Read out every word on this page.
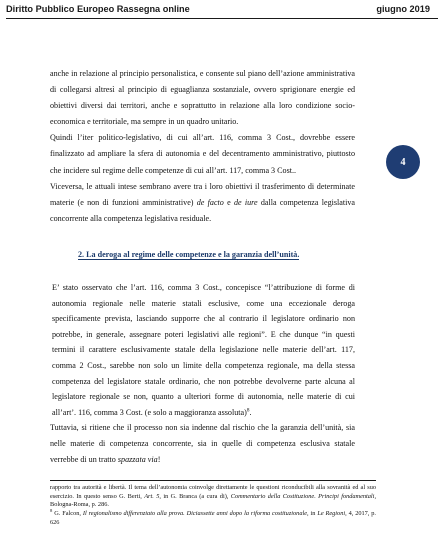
Diritto Pubblico Europeo Rassegna online	giugno 2019

anche in relazione al principio personalistica, e consente sul piano dell’azione amministrativa di collegarsi altresì al principio di eguaglianza sostanziale, ovvero sprigionare energie ed obiettivi diversi dai territori, anche e soprattutto in relazione alla loro condizione socio-economica e territoriale, ma sempre in un quadro unitario.

Quindi l’iter politico-legislativo, di cui all’art. 116, comma 3 Cost., dovrebbe essere finalizzato ad ampliare la sfera di autonomia e del decentramento amministrativo, piuttosto che incidere sul regime delle competenze di cui all’art. 117, comma 3 Cost..

Viceversa, le attuali intese sembrano avere tra i loro obiettivi il trasferimento di determinate materie (e non di funzioni amministrative) de facto e de iure dalla competenza legislativa concorrente alla competenza legislativa residuale.

4
2. La deroga al regime delle competenze e la garanzia dell’unità.

E’ stato osservato che l’art. 116, comma 3 Cost., concepisce “l’attribuzione di forme di autonomia regionale nelle materie statali esclusive, come una eccezionale deroga specificamente prevista, lasciando supporre che al contrario il legislatore ordinario non potrebbe, in generale, assegnare poteri legislativi alle regioni”. E che dunque “in questi termini il carattere esclusivamente statale della legislazione nelle materie dell’art. 117, comma 2 Cost., sarebbe non solo un limite della competenza regionale, ma della stessa competenza del legislatore statale ordinario, che non potrebbe devolverne parte alcuna al legislatore regionale se non, quanto a ulteriori forme di autonomia, nelle materie di cui all’art’. 116, comma 3 Cost. (e solo a maggioranza assoluta)$^8$.

Tuttavia, si ritiene che il processo non sia indenne dal rischio che la garanzia dell’unità, sia nelle materie di competenza concorrente, sia in quelle di competenza esclusiva statale verrebbe di un tratto spazzata via!

rapporto tra autorità e libertà. Il tema dell’autonomia coinvolge direttamente le questioni riconducibili alla sovranità ed al suo esercizio. In questo senso G. Berti, Art. 5, in G. Branca (a cura di), Commentario della Costituzione. Principi fondamentali, Bologna-Roma, p. 286.

$^8$ G. Falcon, Il regionalismo differenziato alla prova. Diciassette anni dopo la riforma costituzionale, in Le Regioni, 4, 2017, p. 626
